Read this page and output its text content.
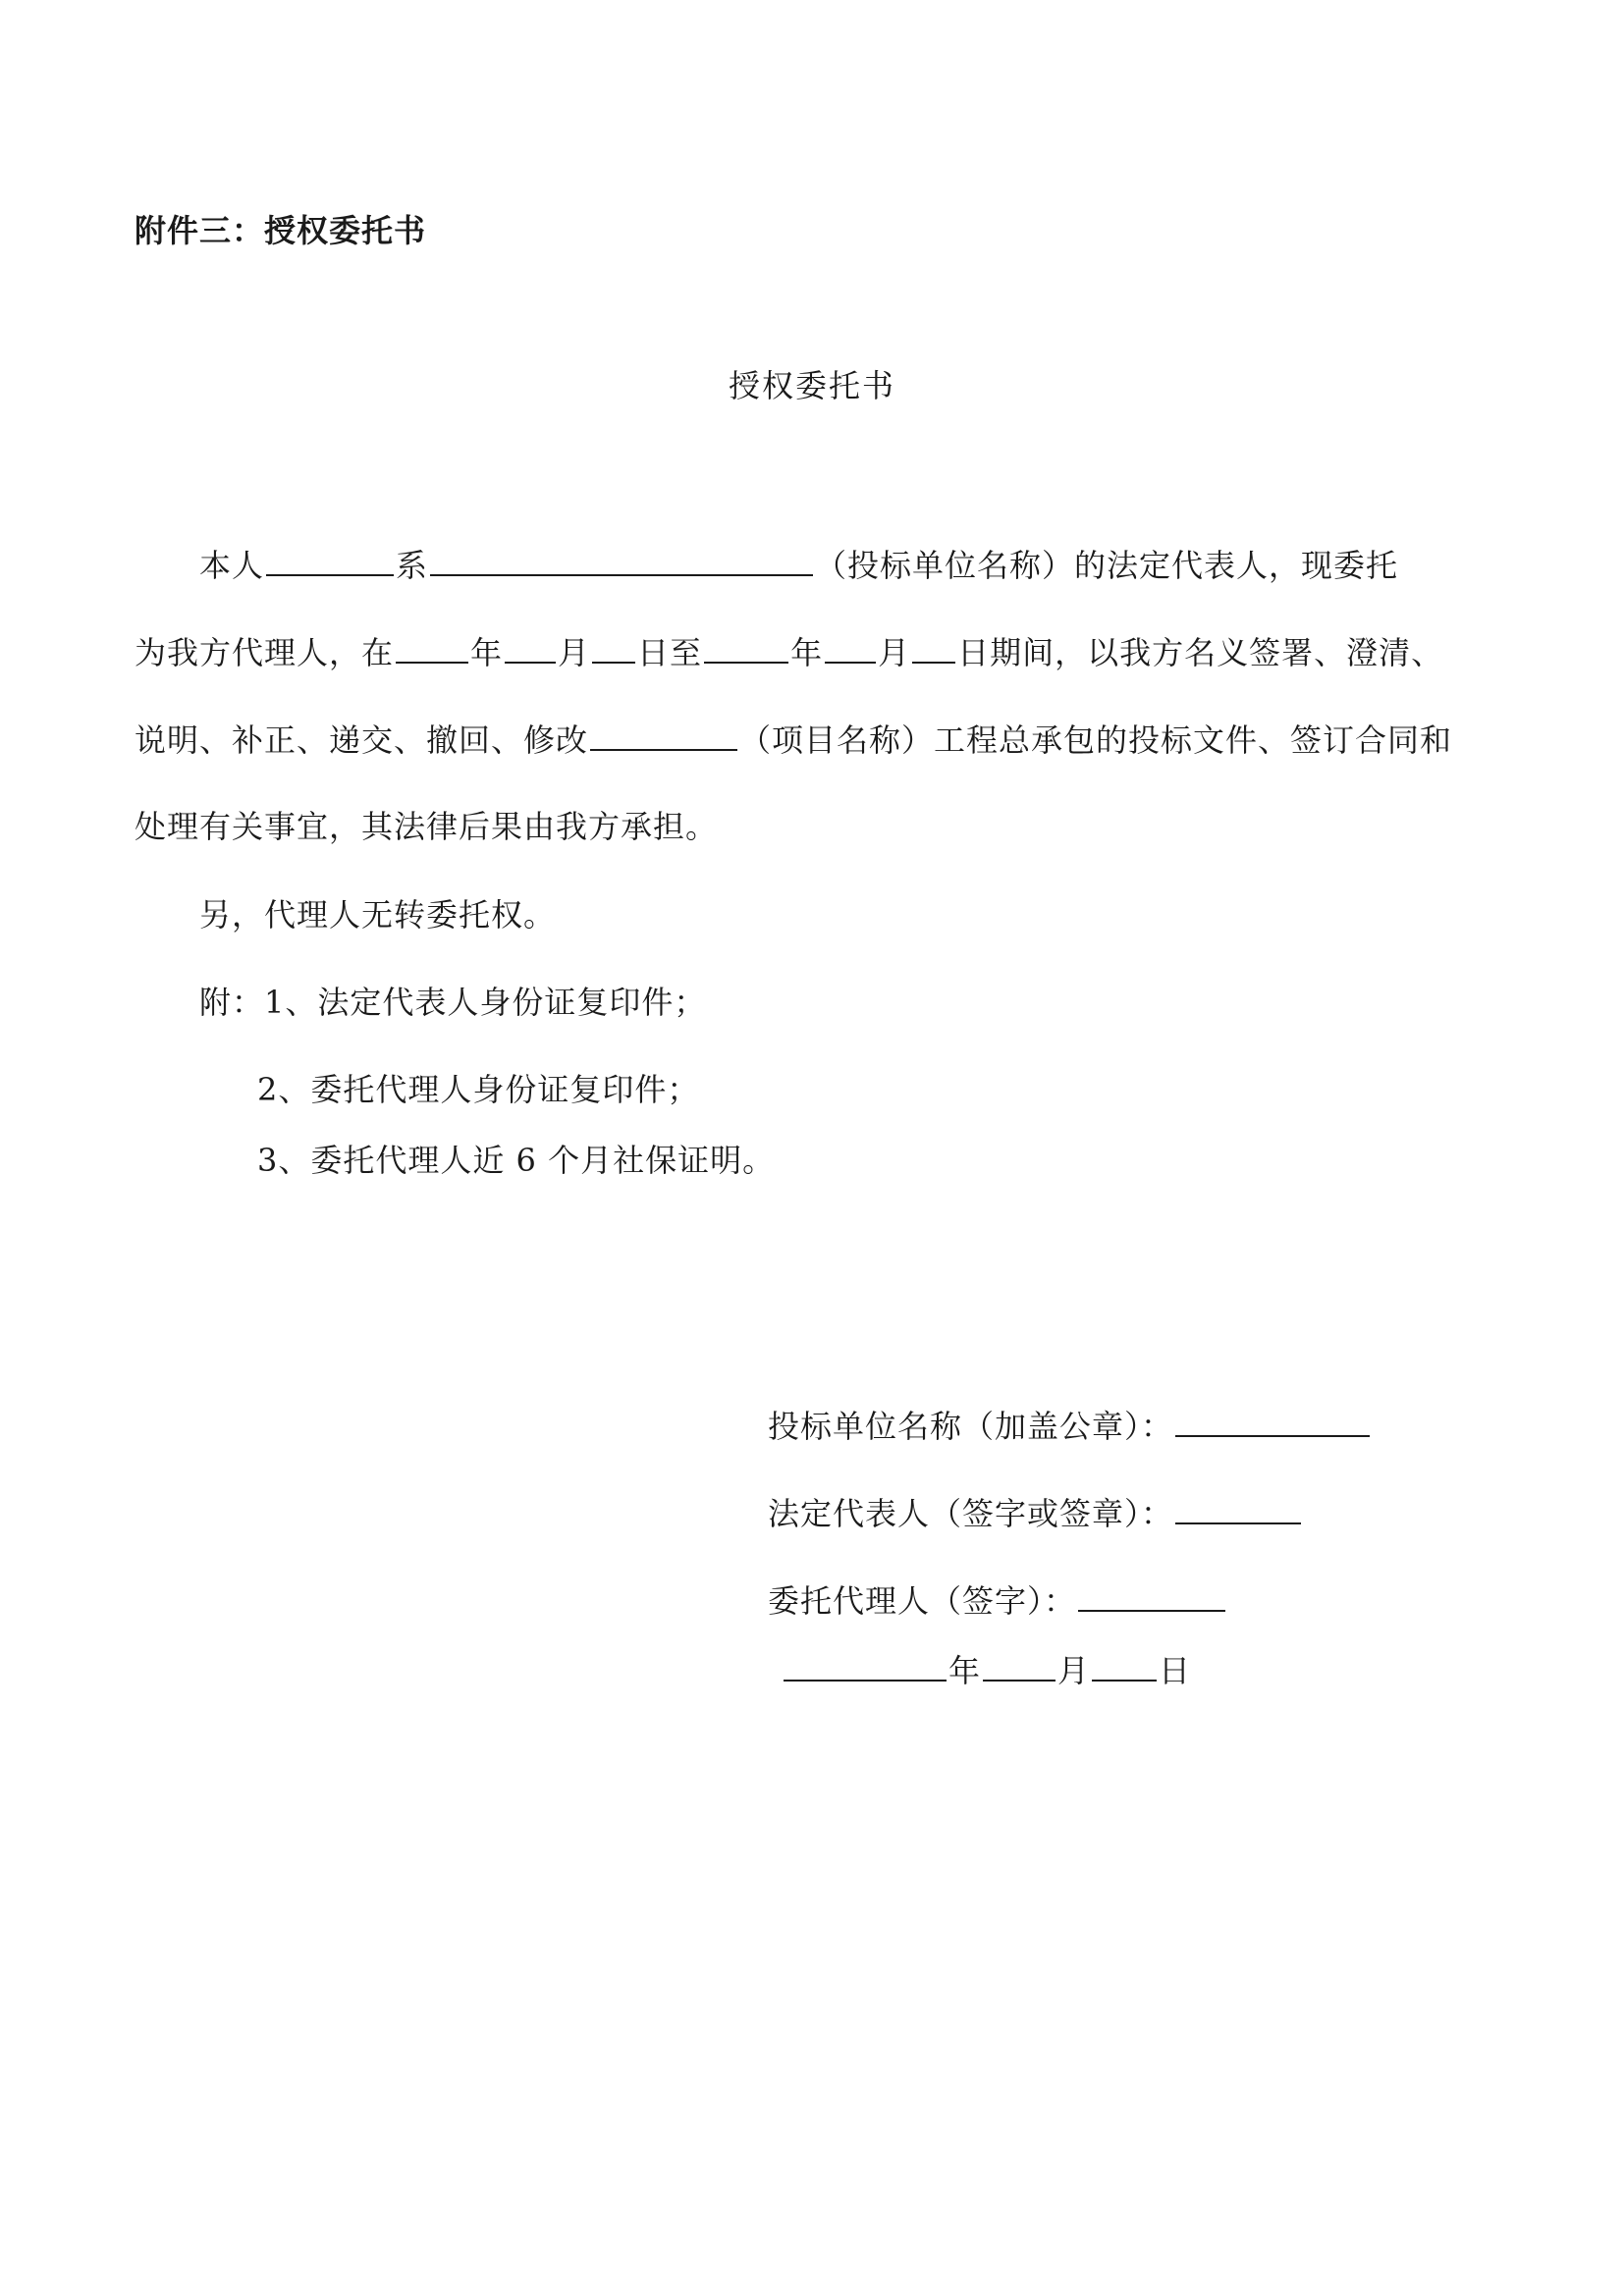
附件三：授权委托书
授权委托书
本人	系	（投标单位名称）的法定代表人，现委托
为我方代理人，在 年 月 日至	年 月 日期间，以我方名义签署、澄清、
说明、补正、递交、撤回、修改	（项目名称）工程总承包的投标文件、签订合同和
处理有关事宜，其法律后果由我方承担。
另，代理人无转委托权。
附：1、法定代表人身份证复印件；
2、委托代理人身份证复印件；
3、委托代理人近 6 个月社保证明。
投标单位名称（加盖公章）：
法定代表人（签字或签章）：
委托代理人（签字）：
年 月 日
